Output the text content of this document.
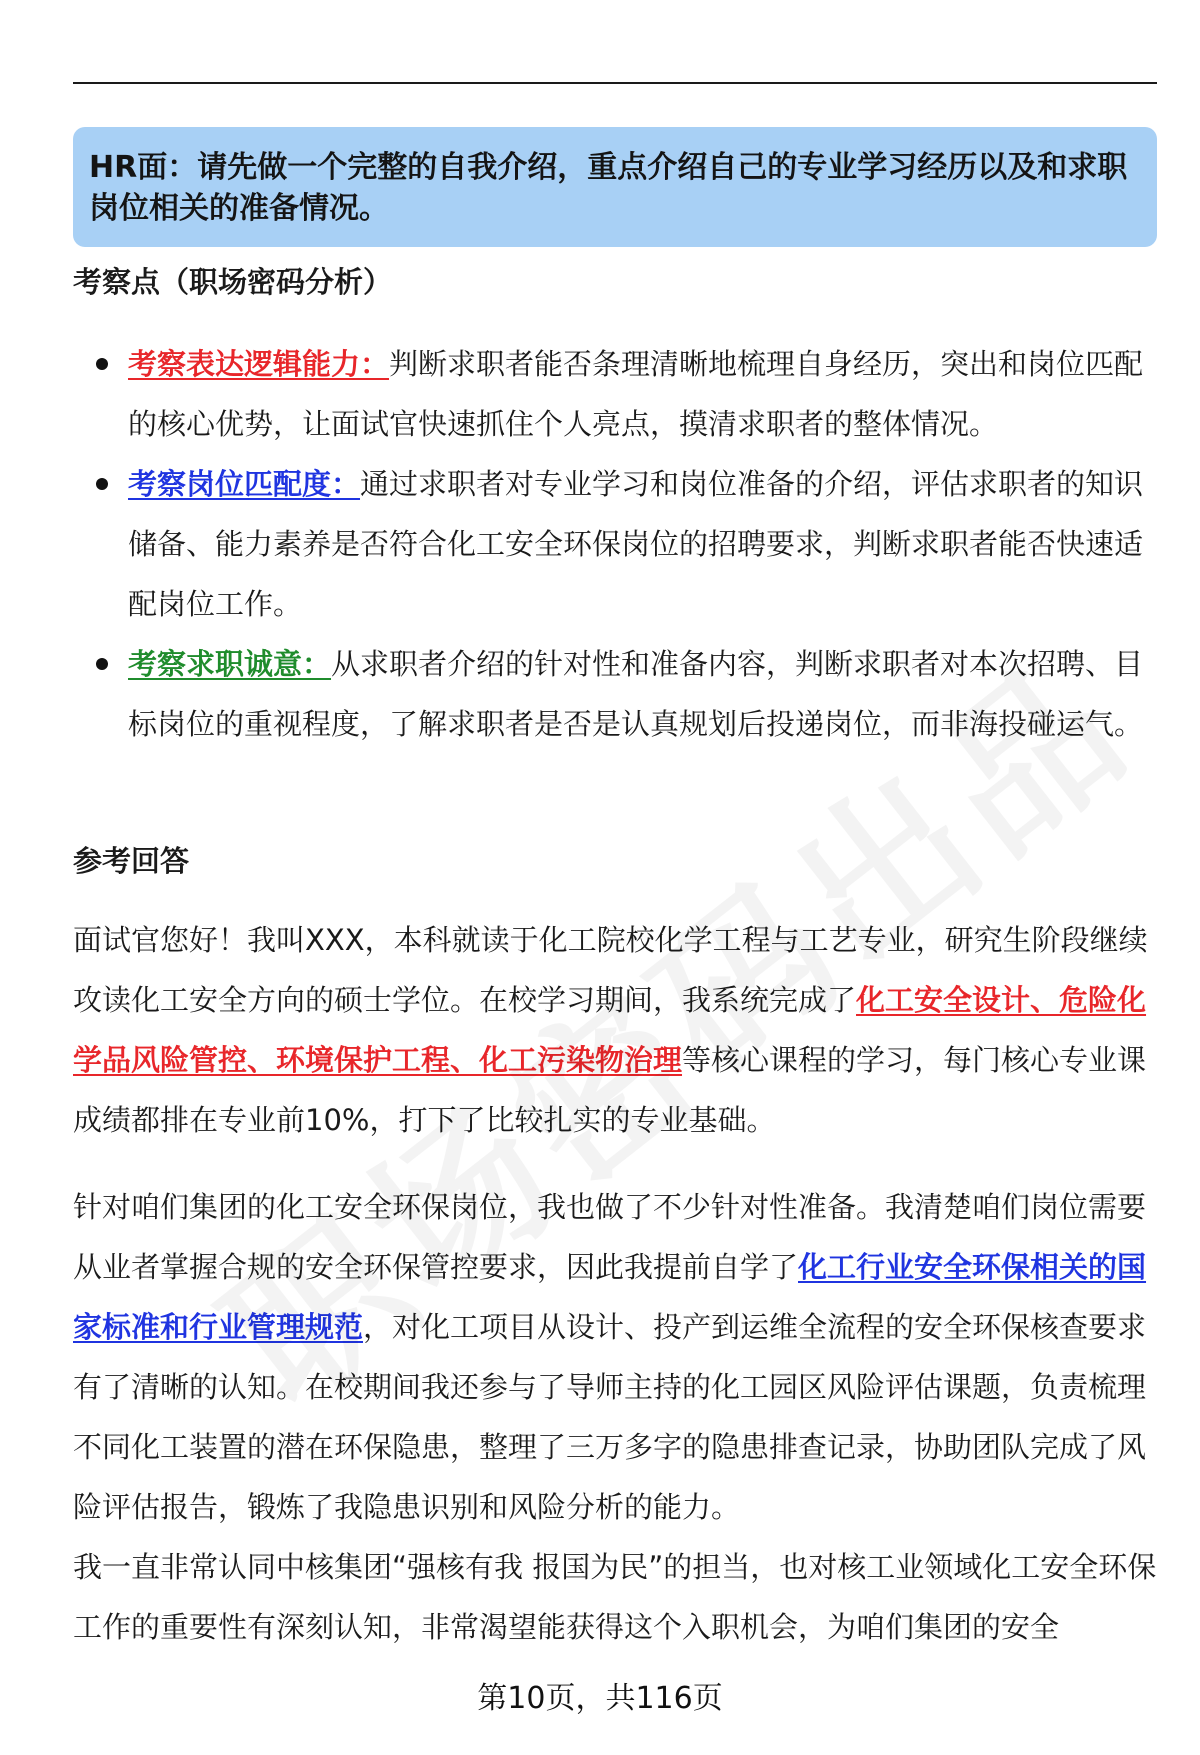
HR面：请先做一个完整的自我介绍，重点介绍自己的专业学习经历以及和求职岗位相关的准备情况。
考察点（职场密码分析）
考察表达逻辑能力：判断求职者能否条理清晰地梳理自身经历，突出和岗位匹配的核心优势，让面试官快速抓住个人亮点，摸清求职者的整体情况。
考察岗位匹配度：通过求职者对专业学习和岗位准备的介绍，评估求职者的知识储备、能力素养是否符合化工安全环保岗位的招聘要求，判断求职者能否快速适配岗位工作。
考察求职诚意：从求职者介绍的针对性和准备内容，判断求职者对本次招聘、目标岗位的重视程度，了解求职者是否是认真规划后投递岗位，而非海投碰运气。
参考回答
面试官您好！我叫XXX，本科就读于化工院校化学工程与工艺专业，研究生阶段继续攻读化工安全方向的硕士学位。在校学习期间，我系统完成了化工安全设计、危险化学品风险管控、环境保护工程、化工污染物治理等核心课程的学习，每门核心专业课成绩都排在专业前10%，打下了比较扎实的专业基础。
针对咱们集团的化工安全环保岗位，我也做了不少针对性准备。我清楚咱们岗位需要从业者掌握合规的安全环保管控要求，因此我提前自学了化工行业安全环保相关的国家标准和行业管理规范，对化工项目从设计、投产到运维全流程的安全环保核查要求有了清晰的认知。在校期间我还参与了导师主持的化工园区风险评估课题，负责梳理不同化工装置的潜在环保隐患，整理了三万多字的隐患排查记录，协助团队完成了风险评估报告，锻炼了我隐患识别和风险分析的能力。
我一直非常认同中核集团“强核有我 报国为民”的担当，也对核工业领域化工安全环保工作的重要性有深刻认知，非常渴望能获得这个入职机会，为咱们集团的安全
第10页，共116页
